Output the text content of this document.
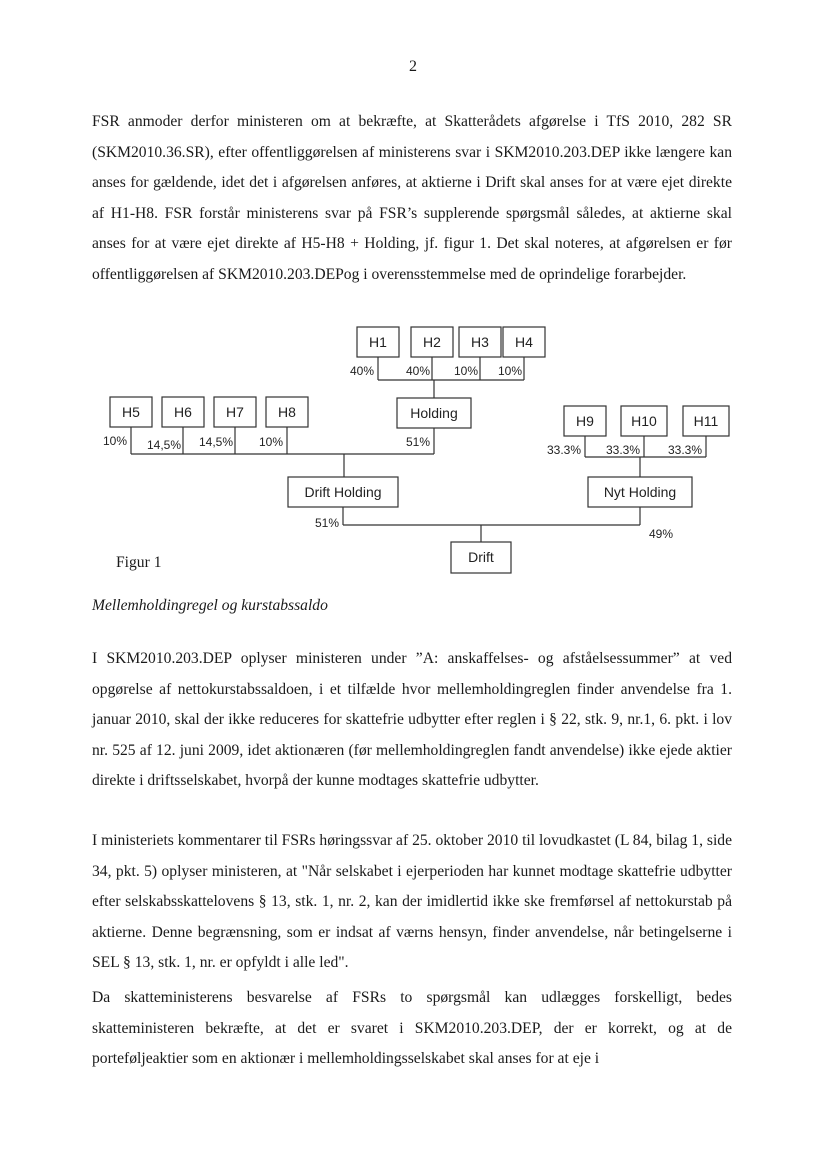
2

FSR anmoder derfor ministeren om at bekræfte, at Skatterådets afgørelse i TfS 2010, 282 SR (SKM2010.36.SR), efter offentliggørelsen af ministerens svar i SKM2010.203.DEP ikke længere kan anses for gældende, idet det i afgørelsen anføres, at aktierne i Drift skal anses for at være ejet direkte af H1-H8. FSR forstår ministerens svar på FSR’s supplerende spørgsmål således, at aktierne skal anses for at være ejet direkte af H5-H8 + Holding, jf. figur 1. Det skal noteres, at afgørelsen er før offentliggørelsen af SKM2010.203.DEPog i overensstemmelse med de oprindelige forarbejder.

H1	H2 H3 H4
H5 H6 H7 H8	Holding	H9	H10	H11
Drift Holding	Nyt Holding
Drift
40%	40% 10% 10%
10% 14,5% 14,5% 10%	51%
33.3% 33.3% 33.3%
51%
49%
Figur 1

Mellemholdingregel og kurstabssaldo

I SKM2010.203.DEP oplyser ministeren under ”A: anskaffelses- og afståelsessummer” at ved opgørelse af nettokurstabssaldoen, i et tilfælde hvor mellemholdingreglen finder anvendelse fra 1. januar 2010, skal der ikke reduceres for skattefrie udbytter efter reglen i § 22, stk. 9, nr.1, 6. pkt. i lov nr. 525 af 12. juni 2009, idet aktionæren (før mellemholdingreglen fandt anvendelse) ikke ejede aktier direkte i driftsselskabet, hvorpå der kunne modtages skattefrie udbytter.

I ministeriets kommentarer til FSRs høringssvar af 25. oktober 2010 til lovudkastet (L 84, bilag 1, side 34, pkt. 5) oplyser ministeren, at "Når selskabet i ejerperioden har kunnet modtage skattefrie udbytter efter selskabsskattelovens § 13, stk. 1, nr. 2, kan der imidlertid ikke ske fremførsel af nettokurstab på aktierne. Denne begrænsning, som er indsat af værns hensyn, finder anvendelse, når betingelserne i SEL § 13, stk. 1, nr. er opfyldt i alle led".

Da skatteministerens besvarelse af FSRs to spørgsmål kan udlægges forskelligt, bedes skatteministeren bekræfte, at det er svaret i SKM2010.203.DEP, der er korrekt, og at de porteføljeaktier som en aktionær i mellemholdingsselskabet skal anses for at eje i
